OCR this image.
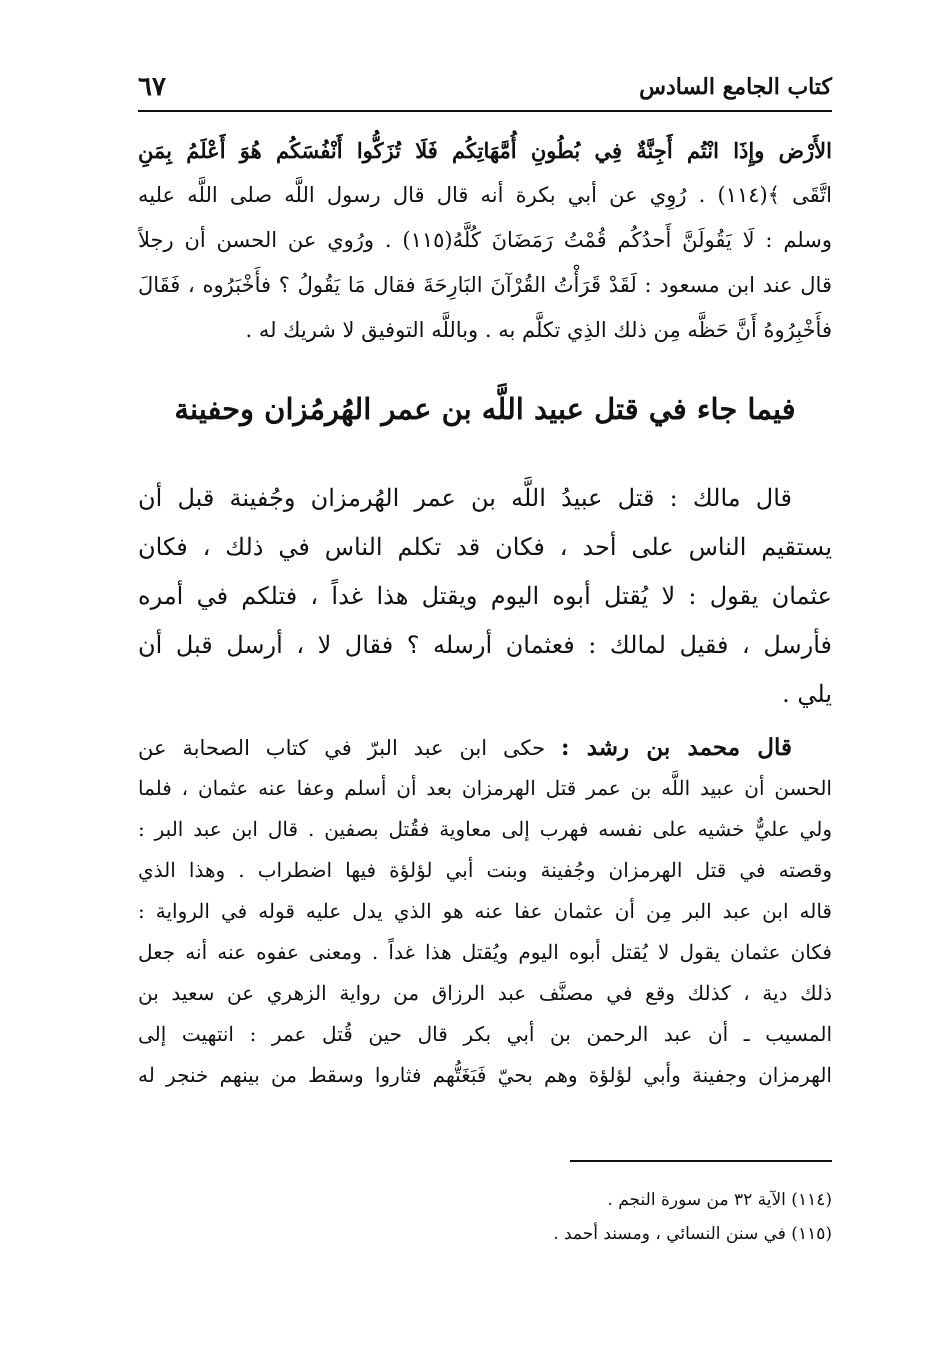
كتاب الجامع السادس
٦٧
الأَرْض وإِذَا انْتُم أَجِنَّةٌ فِي بُطُونِ أُمَّهَاتِكُم فَلَا تُزَكُّوا أَنْفُسَكُم هُوَ أَعْلَمُ بِمَنِ
اتَّقَى ﴾(١١٤) . رُوِي عن أبي بكرة أنه قال قال رسول اللَّه صلى اللَّه عليه
وسلم : لَا يَقُولَنَّ أَحدُكُم قُمْتُ رَمَضَانَ كُلَّهُ(١١٥) . ورُوي عن الحسن أن رجلاً
قال عند ابن مسعود : لَقَدْ قَرَأْتُ القُرْآنَ البَارِحَةَ فقال مَا يَقُولُ ؟ فأَخْبَرُوه ، فَقَالَ
فأَخْبِرُوهُ أَنَّ حَظَّه مِن ذلك الذِي تكلَّم به . وباللَّه التوفيق لا شريك له .
فيما جاء في قتل عبيد اللَّه بن عمر الهُرمُزان وحفينة
قال مالك : قتل عبيدُ اللَّه بن عمر الهُرمزان وجُفينة قبل أن
يستقيم الناس على أحد ، فكان قد تكلم الناس في ذلك ، فكان
عثمان يقول : لا يُقتل أبوه اليوم ويقتل هذا غداً ، فتلكم في أمره
فأرسل ، فقيل لمالك : فعثمان أرسله ؟ فقال لا ، أرسل قبل أن
يلي .
قال محمد بن رشد : حكى ابن عبد البرّ في كتاب الصحابة عن
الحسن أن عبيد اللَّه بن عمر قتل الهرمزان بعد أن أسلم وعفا عنه عثمان ، فلما
ولي عليٌّ خشيه على نفسه فهرب إلى معاوية فقُتل بصفين . قال ابن عبد البر :
وقصته في قتل الهرمزان وجُفينة وبنت أبي لؤلؤة فيها اضطراب . وهذا الذي
قاله ابن عبد البر مِن أن عثمان عفا عنه هو الذي يدل عليه قوله في الرواية :
فكان عثمان يقول لا يُقتل أبوه اليوم ويُقتل هذا غداً . ومعنى عفوه عنه أنه جعل
ذلك دية ، كذلك وقع في مصنَّف عبد الرزاق من رواية الزهري عن سعيد بن
المسيب ـ أن عبد الرحمن بن أبي بكر قال حين قُتل عمر : انتهيت إلى
الهرمزان وجفينة وأبي لؤلؤة وهم بحيّ فَبَغَتُّهم فثاروا وسقط من بينهم خنجر له
(١١٤) الآية ٣٢ من سورة النجم .
(١١٥) في سنن النسائي ، ومسند أحمد .
